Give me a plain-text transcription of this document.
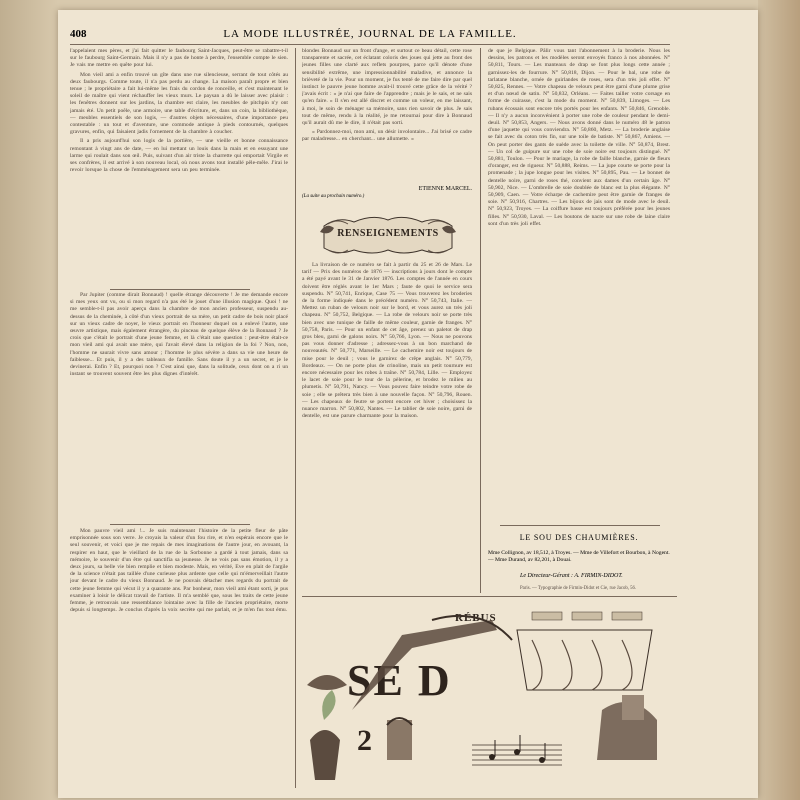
408	LA MODE ILLUSTRÉE, JOURNAL DE LA FAMILLE.

l'appelaient mes pères, et j'ai fait quitter le faubourg Saint-Jacques, peut-être se rabattre-t-il sur le faubourg Saint-Germain. Mais il n'y a pas de honte à perdre, l'ensemble compte le sien. Je vais me mettre en quête pour lui.

Mon vieil ami a enfin trouvé un gîte dans une rue silencieuse, serrant de tout côtés au deux faubourgs. Comme toute, il n'a pas perdu au change. La maison paraît propre et bien tenue ; le propriétaire a fait lui-même les frais du cordon de ronceille, et c'est maintenant le soleil de maître qui vient réchauffer les vieux murs. Le paysan a dû le laisser avec plaisir : les fenêtres donnent sur les jardins, la chambre est claire, les meubles de pitchpin n'y ont jamais été. Un petit poêle, une armoire, une table d'écriture, et, dans un coin, la bibliothèque, — meubles essentiels de son logis, — d'autres objets nécessaires, d'une importance peu contestable : un tout et d'aventure, une commode antique à pieds contournés, quelques gravures, enfin, qui faisaient jadis l'ornement de la chambre à coucher.

Il a pris aujourd'hui son logis de la portière, — une vieille et bonne connaissance remontant à vingt ans de date, — en lui mettant un louis dans la main et en essuyant une larme qui roulait dans son œil. Puis, suivant d'un air triste la charrette qui emportait Virgile et ses confrères, il est arrivé à son nouveau local, où nous avons tout installé pêle-mêle. J'irai le revoir lorsque la chose de l'emménagement sera un peu terminée.

Par Jupiter (comme dirait Bonnaud) ! quelle étrange découverte ! Je me demande encore si mes yeux ont vu, ou si mon regard n'a pas été le jouet d'une illusion magique. Quoi ! ne me semble-t-il pas avoir aperçu dans la chambre de mon ancien professeur, suspendu au-dessus de la cheminée, à côté d'un vieux portrait de sa mère, un petit cadre de bois noir placé sur un vieux cadre de noyer, le vieux portrait en l'honneur duquel on a enlevé l'autre, une œuvre artistique, mais également étrangère, du pinceau de quelque élève de la Bonnaud ? Je crois que c'était le portrait d'une jeune femme, et là c'était une question : peut-être était-ce mon vieil ami qui avait une mère, qui l'avait élevé dans la religion de la foi ? Non, non, l'homme ne saurait vivre sans amour ; l'homme le plus sévère a dans sa vie une heure de faiblesse... Et puis, il y a des tableaux de famille. Sans doute il y a un secret, et je le devinerai. Enfin ? Et, pourquoi non ? C'est ainsi que, dans la solitude, ceux dont on a ri un instant se trouvent souvent être les plus dignes d'intérêt.

Mon pauvre vieil ami !... Je suis maintenant l'histoire de la petite fleur de pâte emprisonnée sous son verre. Je croyais la valeur d'un fou rire, et n'en espérais encore que le seul souvenir, et voici que je me repais de mes imaginations de l'autre jour, en avouant, la respirer en haut, que le vieillard de la rue de la Sorbonne a gardé à tout jamais, dans sa mémoire, le souvenir d'un être qui sanctifia sa jeunesse. Je ne vois pas sans émotion, il y a deux jours, sa belle vie bien remplie et bien modeste. Mais, en vérité, Eve en plait de l'argile de la science n'était pas taillée d'une curieuse plus ardente que celle qui m'émerveillait l'autre jour devant le cadre du vieux Bonnaud. Je ne pouvais détacher mes regards du portrait de cette jeune femme qui vécut il y a quarante ans. Par bonheur, mon vieil ami étant sorti, je pus examiner à loisir le délicat travail de l'artiste. Il m'a semblé que, sous les traits de cette jeune femme, je retrouvais une ressemblance lointaine avec la fille de l'ancien propriétaire, morte depuis si longtemps. Je conclus d'après la voix secrète qui me parlait, et je m'en fus tout ému.

blondes Bonnaud sur un front d'ange, et surtout ce beau détail, cette rose transparente et sacrée, cet éclatant coloris des joues qui jette au front des jeunes filles une clarté aux reflets pourpres, parce qu'il dénote d'une sensibilité extrême, une impressionnabilité maladive, et annonce la brièveté de la vie. Pour un moment, je fus tenté de me faire dire par quel instinct le pauvre jeune homme avait-il trouvé cette grâce de la vérité ? j'avais écrit : « je n'ai que faire de l'apprendre ; mais je le sais, et ne sais qu'en faire. » Il s'en est allé discret et comme un voleur, en me laissant, à moi, le soin de ménager sa mémoire, sans rien savoir de plus. Je sais tout de même, rendu à la réalité, je me retournai pour dire à Bonnaud qu'il aurait dû me le dire, il n'était pas sorti.

« Pardonnez-moi, mon ami, un désir involontaire... J'ai brisé ce cadre par maladresse... en cherchant... une allumette. »

ETIENNE MARCEL.
(La suite au prochain numéro.)
RENSEIGNEMENTS

La livraison de ce numéro se fait à partir du 25 et 26 de Mars. Le tarif — Prix des numéros de 1876 — inscriptions à jours dont le compte a été payé avant le 31 de Janvier 1876. Les comptes de l'année en cours doivent être réglés avant le 1er Mars ; faute de quoi le service sera suspendu. N° 50,741, Enrique, Case 75 — Vous trouverez les broderies de la forme indiquée dans le précédent numéro. N° 50,743, Italie. — Mettez un ruban de velours noir sur le bord, et vous aurez un très joli chapeau. N° 50,752, Belgique. — La robe de velours noir se porte très bien avec une tunique de faille de même couleur, garnie de franges. N° 50,758, Paris. — Pour un enfant de cet âge, prenez un paletot de drap gros bleu, garni de galons noirs. N° 50,766, Lyon. — Nous ne pouvons pas vous donner d'adresse ; adressez-vous à un bon marchand de nouveautés. N° 50,771, Marseille. — Le cachemire noir est toujours de mise pour le deuil ; vous le garnirez de crêpe anglais. N° 50,779, Bordeaux. — On ne porte plus de crinoline, mais un petit tournure est encore nécessaire pour les robes à traîne. N° 50,784, Lille. — Employez le lacet de soie pour le tour de la pèlerine, et brodez le milieu au plumetis. N° 50,791, Nancy. — Vous pouvez faire teindre votre robe de soie ; elle se prêtera très bien à une nouvelle façon. N° 50,796, Rouen. — Les chapeaux de feutre se portent encore cet hiver ; choisissez la nuance marron. N° 50,802, Nantes. — Le tablier de soie noire, garni de dentelle, est une parure charmante pour la maison.

de que je Belgique. Pâlir vous tant l'abonnement à la broderie. Nous les dessins, les patrons et les modèles seront envoyés franco à nos abonnées. N° 50,811, Tours. — Les manteaux de drap se font plus longs cette année ; garnissez-les de fourrure. N° 50,818, Dijon. — Pour le bal, une robe de tarlatane blanche, ornée de guirlandes de roses, sera d'un très joli effet. N° 50,825, Rennes. — Votre chapeau de velours peut être garni d'une plume grise et d'un nœud de satin. N° 50,832, Orléans. — Faites tailler votre corsage en forme de cuirasse, c'est la mode du moment. N° 50,839, Limoges. — Les rubans écossais sont encore très portés pour les enfants. N° 50,846, Grenoble. — Il n'y a aucun inconvénient à porter une robe de couleur pendant le demi-deuil. N° 50,853, Angers. — Nous avons donné dans le numéro 48 le patron d'une jaquette qui vous conviendra. N° 50,860, Metz. — La broderie anglaise se fait avec du coton très fin, sur une toile de batiste. N° 50,867, Amiens. — On peut porter des gants de suède avec la toilette de ville. N° 50,874, Brest. — Un col de guipure sur une robe de soie noire est toujours distingué. N° 50,881, Toulon. — Pour le mariage, la robe de faille blanche, garnie de fleurs d'oranger, est de rigueur. N° 50,888, Reims. — La jupe courte se porte pour la promenade ; la jupe longue pour les visites. N° 50,895, Pau. — Le bonnet de dentelle noire, garni de roses thé, convient aux dames d'un certain âge. N° 50,902, Nice. — L'ombrelle de soie doublée de blanc est la plus élégante. N° 50,909, Caen. — Votre écharpe de cachemire peut être garnie de franges de soie. N° 50,916, Chartres. — Les bijoux de jais sont de mode avec le deuil. N° 50,923, Troyes. — La coiffure basse est toujours préférée pour les jeunes filles. N° 50,930, Laval. — Les boutons de nacre sur une robe de laine claire sont d'un très joli effet.

LE SOU DES CHAUMIÈRES.
Mme Collignon, av 18,512, à Troyes. — Mme de Villefort et Bourbon, à Nogent. — Mme Durand, av 82,201, à Douai.
Le Directeur-Gérant : A. FIRMIN-DIDOT.
Paris. — Typographie de Firmin-Didot et Cie, rue Jacob, 56.
RÉBUS
SE D
2
